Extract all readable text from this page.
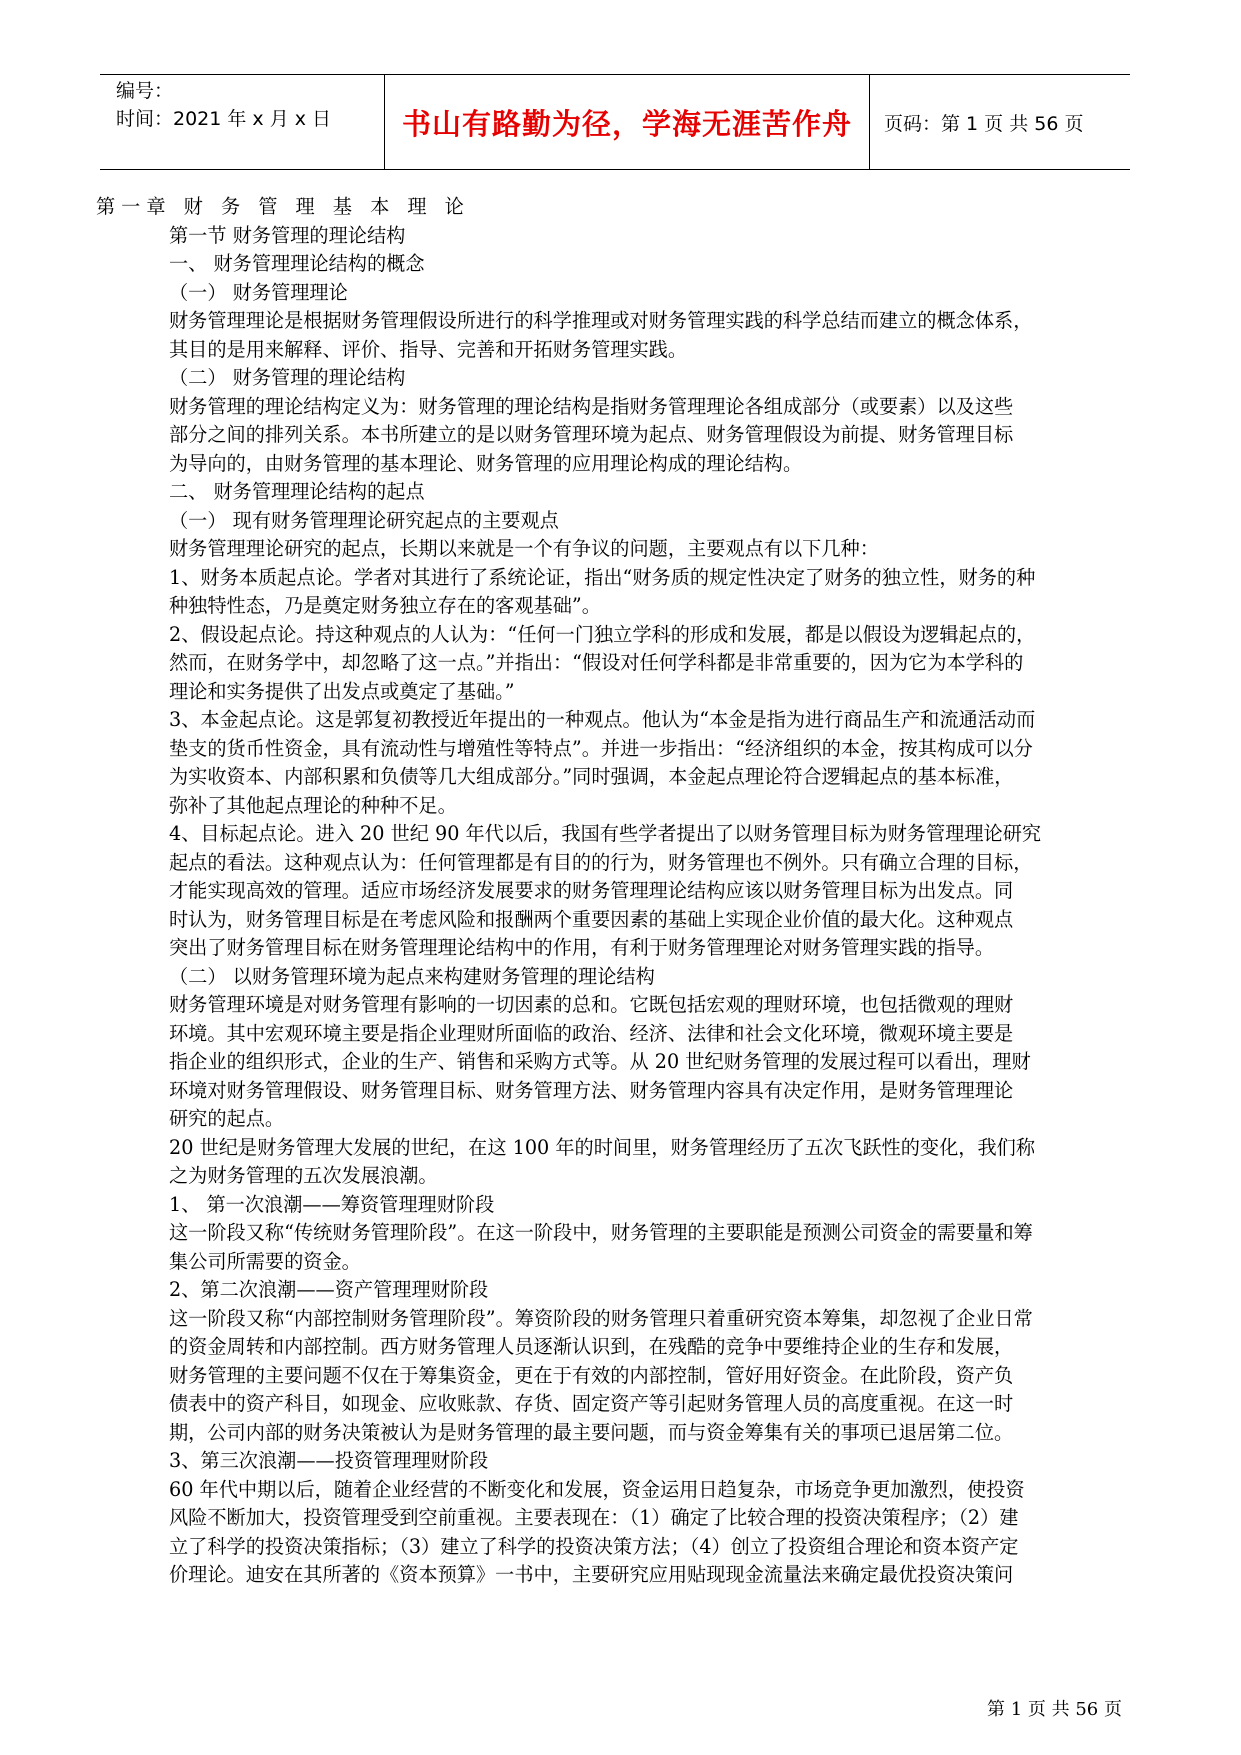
编号：
时间：2021 年 x 月 x 日	书山有路勤为径，学海无涯苦作舟	页码：第 1 页 共 56 页

第一章 财 务 管 理 基 本 理 论

第一节 财务管理的理论结构

一、 财务管理理论结构的概念

（一） 财务管理理论

财务管理理论是根据财务管理假设所进行的科学推理或对财务管理实践的科学总结而建立的概念体系，

其目的是用来解释、评价、指导、完善和开拓财务管理实践。

（二） 财务管理的理论结构

财务管理的理论结构定义为：财务管理的理论结构是指财务管理理论各组成部分（或要素）以及这些

部分之间的排列关系。本书所建立的是以财务管理环境为起点、财务管理假设为前提、财务管理目标

为导向的，由财务管理的基本理论、财务管理的应用理论构成的理论结构。

二、 财务管理理论结构的起点

（一） 现有财务管理理论研究起点的主要观点

财务管理理论研究的起点，长期以来就是一个有争议的问题，主要观点有以下几种：

1、财务本质起点论。学者对其进行了系统论证，指出“财务质的规定性决定了财务的独立性，财务的种

种独特性态，乃是奠定财务独立存在的客观基础”。

2、假设起点论。持这种观点的人认为：“任何一门独立学科的形成和发展，都是以假设为逻辑起点的，

然而，在财务学中，却忽略了这一点。”并指出：“假设对任何学科都是非常重要的，因为它为本学科的

理论和实务提供了出发点或奠定了基础。”

3、本金起点论。这是郭复初教授近年提出的一种观点。他认为“本金是指为进行商品生产和流通活动而

垫支的货币性资金，具有流动性与增殖性等特点”。并进一步指出：“经济组织的本金，按其构成可以分

为实收资本、内部积累和负债等几大组成部分。”同时强调，本金起点理论符合逻辑起点的基本标准，

弥补了其他起点理论的种种不足。

4、目标起点论。进入 20 世纪 90 年代以后，我国有些学者提出了以财务管理目标为财务管理理论研究

起点的看法。这种观点认为：任何管理都是有目的的行为，财务管理也不例外。只有确立合理的目标，

才能实现高效的管理。适应市场经济发展要求的财务管理理论结构应该以财务管理目标为出发点。同

时认为，财务管理目标是在考虑风险和报酬两个重要因素的基础上实现企业价值的最大化。这种观点

突出了财务管理目标在财务管理理论结构中的作用，有利于财务管理理论对财务管理实践的指导。

（二） 以财务管理环境为起点来构建财务管理的理论结构

财务管理环境是对财务管理有影响的一切因素的总和。它既包括宏观的理财环境，也包括微观的理财

环境。其中宏观环境主要是指企业理财所面临的政治、经济、法律和社会文化环境，微观环境主要是

指企业的组织形式，企业的生产、销售和采购方式等。从 20 世纪财务管理的发展过程可以看出，理财

环境对财务管理假设、财务管理目标、财务管理方法、财务管理内容具有决定作用，是财务管理理论

研究的起点。

20 世纪是财务管理大发展的世纪，在这 100 年的时间里，财务管理经历了五次飞跃性的变化，我们称

之为财务管理的五次发展浪潮。

1、 第一次浪潮——筹资管理理财阶段

这一阶段又称“传统财务管理阶段”。在这一阶段中，财务管理的主要职能是预测公司资金的需要量和筹

集公司所需要的资金。

2、第二次浪潮——资产管理理财阶段

这一阶段又称“内部控制财务管理阶段”。筹资阶段的财务管理只着重研究资本筹集，却忽视了企业日常

的资金周转和内部控制。西方财务管理人员逐渐认识到，在残酷的竞争中要维持企业的生存和发展，

财务管理的主要问题不仅在于筹集资金，更在于有效的内部控制，管好用好资金。在此阶段，资产负

债表中的资产科目，如现金、应收账款、存货、固定资产等引起财务管理人员的高度重视。在这一时

期，公司内部的财务决策被认为是财务管理的最主要问题，而与资金筹集有关的事项已退居第二位。

3、第三次浪潮——投资管理理财阶段

60 年代中期以后，随着企业经营的不断变化和发展，资金运用日趋复杂，市场竞争更加激烈，使投资

风险不断加大，投资管理受到空前重视。主要表现在：（1）确定了比较合理的投资决策程序；（2）建

立了科学的投资决策指标；（3）建立了科学的投资决策方法；（4）创立了投资组合理论和资本资产定

价理论。迪安在其所著的《资本预算》一书中，主要研究应用贴现现金流量法来确定最优投资决策问

第 1 页 共 56 页
